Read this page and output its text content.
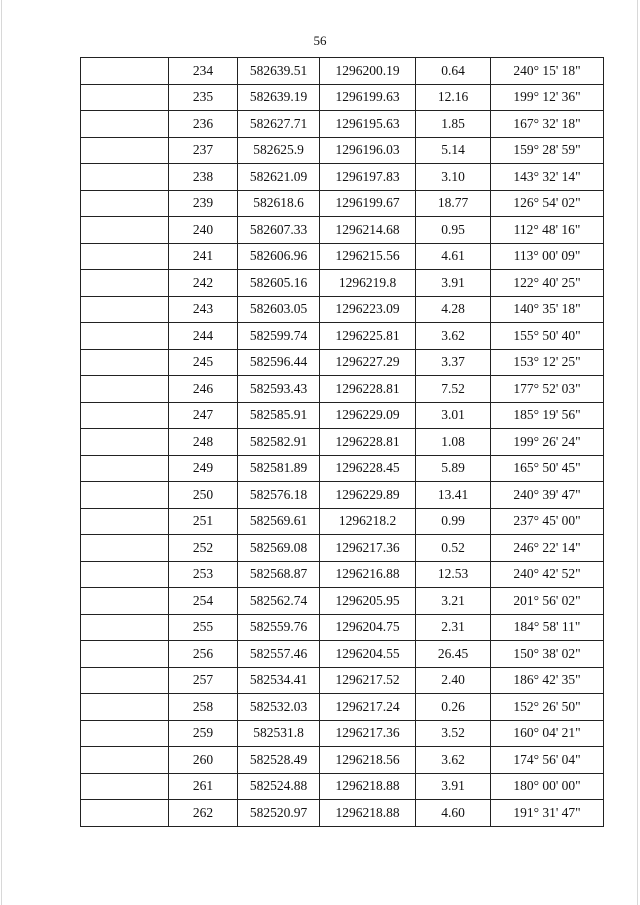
56
	234	582639.51	1296200.19	0.64	240° 15' 18"
	235	582639.19	1296199.63	12.16	199° 12' 36"
	236	582627.71	1296195.63	1.85	167° 32' 18"
	237	582625.9	1296196.03	5.14	159° 28' 59"
	238	582621.09	1296197.83	3.10	143° 32' 14"
	239	582618.6	1296199.67	18.77	126° 54' 02"
	240	582607.33	1296214.68	0.95	112° 48' 16"
	241	582606.96	1296215.56	4.61	113° 00' 09"
	242	582605.16	1296219.8	3.91	122° 40' 25"
	243	582603.05	1296223.09	4.28	140° 35' 18"
	244	582599.74	1296225.81	3.62	155° 50' 40"
	245	582596.44	1296227.29	3.37	153° 12' 25"
	246	582593.43	1296228.81	7.52	177° 52' 03"
	247	582585.91	1296229.09	3.01	185° 19' 56"
	248	582582.91	1296228.81	1.08	199° 26' 24"
	249	582581.89	1296228.45	5.89	165° 50' 45"
	250	582576.18	1296229.89	13.41	240° 39' 47"
	251	582569.61	1296218.2	0.99	237° 45' 00"
	252	582569.08	1296217.36	0.52	246° 22' 14"
	253	582568.87	1296216.88	12.53	240° 42' 52"
	254	582562.74	1296205.95	3.21	201° 56' 02"
	255	582559.76	1296204.75	2.31	184° 58' 11"
	256	582557.46	1296204.55	26.45	150° 38' 02"
	257	582534.41	1296217.52	2.40	186° 42' 35"
	258	582532.03	1296217.24	0.26	152° 26' 50"
	259	582531.8	1296217.36	3.52	160° 04' 21"
	260	582528.49	1296218.56	3.62	174° 56' 04"
	261	582524.88	1296218.88	3.91	180° 00' 00"
	262	582520.97	1296218.88	4.60	191° 31' 47"
